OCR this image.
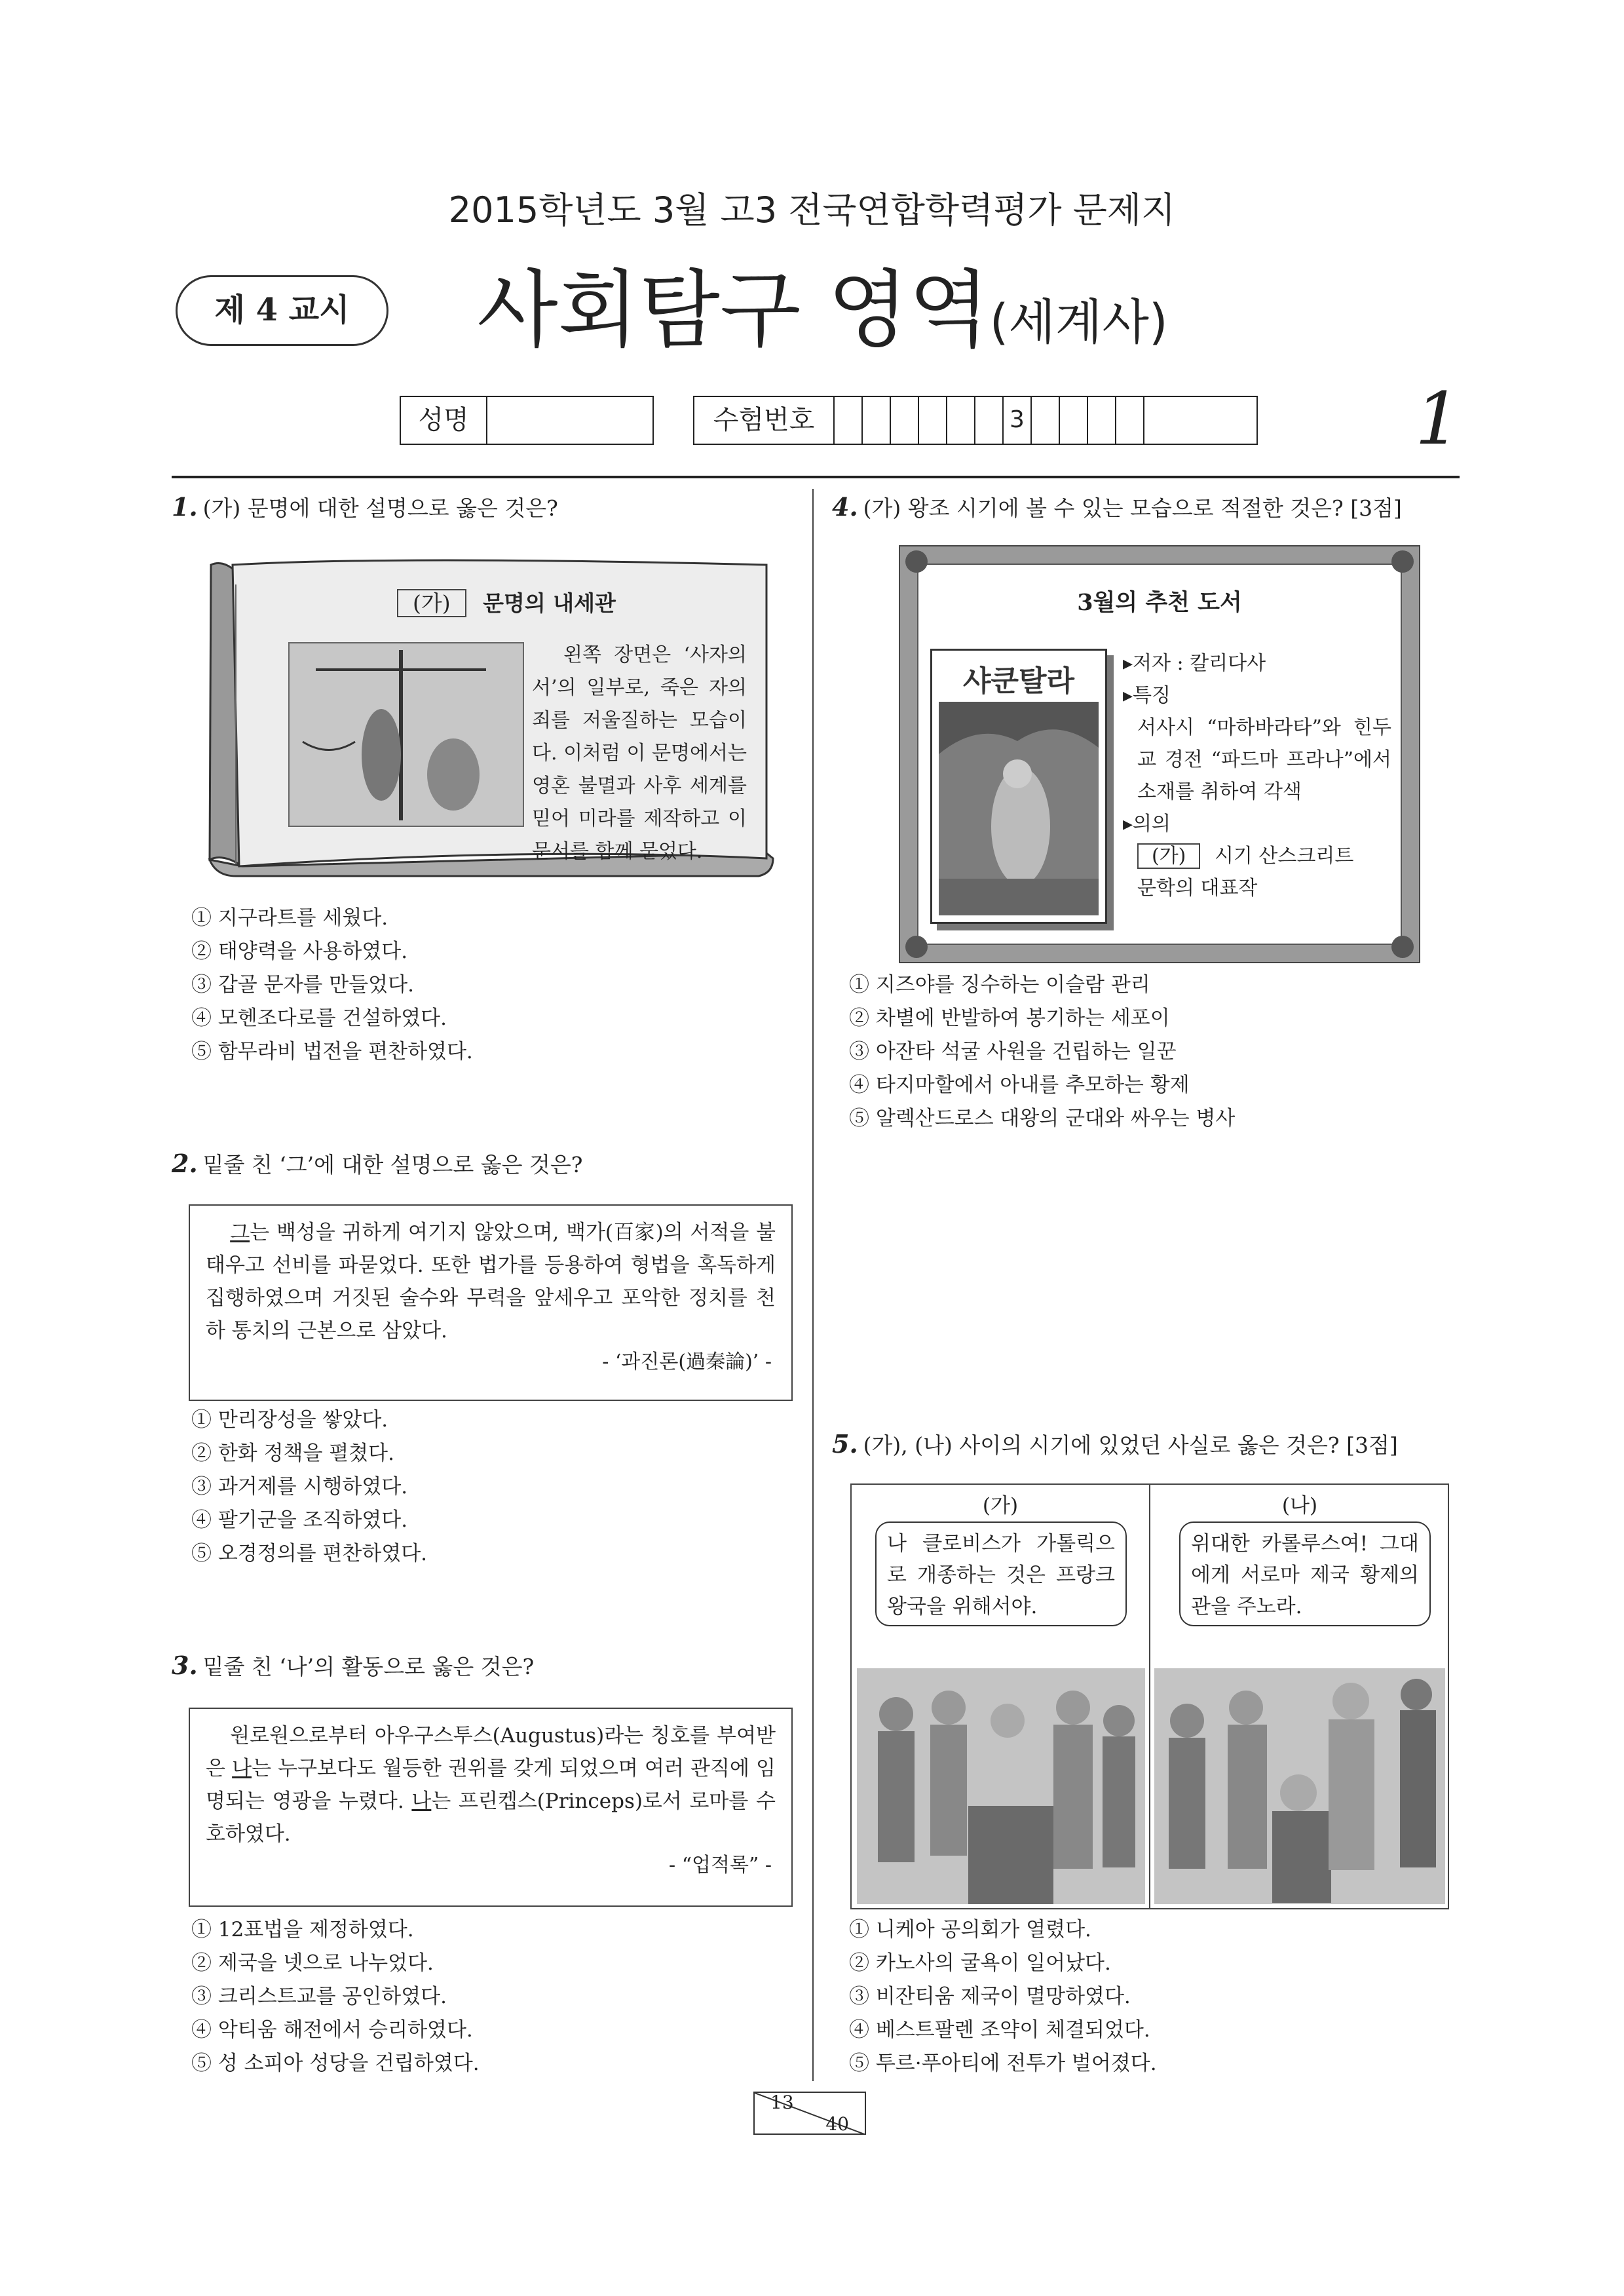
2015학년도 3월 고3 전국연합학력평가 문제지
제 4 교시	사회탐구 영역(세계사)
성명	수험번호	3	1
1. (가) 문명에 대한 설명으로 옳은 것은?
(가) 문명의 내세관
왼쪽 장면은 ‘사자의 서’의 일부로, 죽은 자의 죄를 저울질하는 모습이다. 이처럼 이 문명에서는 영혼 불멸과 사후 세계를 믿어 미라를 제작하고 이 문서를 함께 묻었다.
① 지구라트를 세웠다.
② 태양력을 사용하였다.
③ 갑골 문자를 만들었다.
④ 모헨조다로를 건설하였다.
⑤ 함무라비 법전을 편찬하였다.
2. 밑줄 친 ‘그’에 대한 설명으로 옳은 것은?
그는 백성을 귀하게 여기지 않았으며, 백가(百家)의 서적을 불태우고 선비를 파묻었다. 또한 법가를 등용하여 형법을 혹독하게 집행하였으며 거짓된 술수와 무력을 앞세우고 포악한 정치를 천하 통치의 근본으로 삼았다.
- ‘과진론(過秦論)’ -
① 만리장성을 쌓았다.
② 한화 정책을 펼쳤다.
③ 과거제를 시행하였다.
④ 팔기군을 조직하였다.
⑤ 오경정의를 편찬하였다.
3. 밑줄 친 ‘나’의 활동으로 옳은 것은?
원로원으로부터 아우구스투스(Augustus)라는 칭호를 부여받은 나는 누구보다도 월등한 권위를 갖게 되었으며 여러 관직에 임명되는 영광을 누렸다. 나는 프린켑스(Princeps)로서 로마를 수호하였다.
- “업적록” -
① 12표법을 제정하였다.
② 제국을 넷으로 나누었다.
③ 크리스트교를 공인하였다.
④ 악티움 해전에서 승리하였다.
⑤ 성 소피아 성당을 건립하였다.
4. (가) 왕조 시기에 볼 수 있는 모습으로 적절한 것은? [3점]
3월의 추천 도서
샤쿤탈라
▸저자 : 칼리다사
▸특징
서사시 “마하바라타”와 힌두교 경전 “파드마 프라나”에서 소재를 취하여 각색
▸의의
(가) 시기 산스크리트
문학의 대표작
① 지즈야를 징수하는 이슬람 관리
② 차별에 반발하여 봉기하는 세포이
③ 아잔타 석굴 사원을 건립하는 일꾼
④ 타지마할에서 아내를 추모하는 황제
⑤ 알렉산드로스 대왕의 군대와 싸우는 병사
5. (가), (나) 사이의 시기에 있었던 사실로 옳은 것은? [3점]
(가)	(나)
나 클로비스가 가톨릭으로 개종하는 것은 프랑크 왕국을 위해서야.
위대한 카롤루스여! 그대에게 서로마 제국 황제의 관을 주노라.
① 니케아 공의회가 열렸다.
② 카노사의 굴욕이 일어났다.
③ 비잔티움 제국이 멸망하였다.
④ 베스트팔렌 조약이 체결되었다.
⑤ 투르·푸아티에 전투가 벌어졌다.
13
40
